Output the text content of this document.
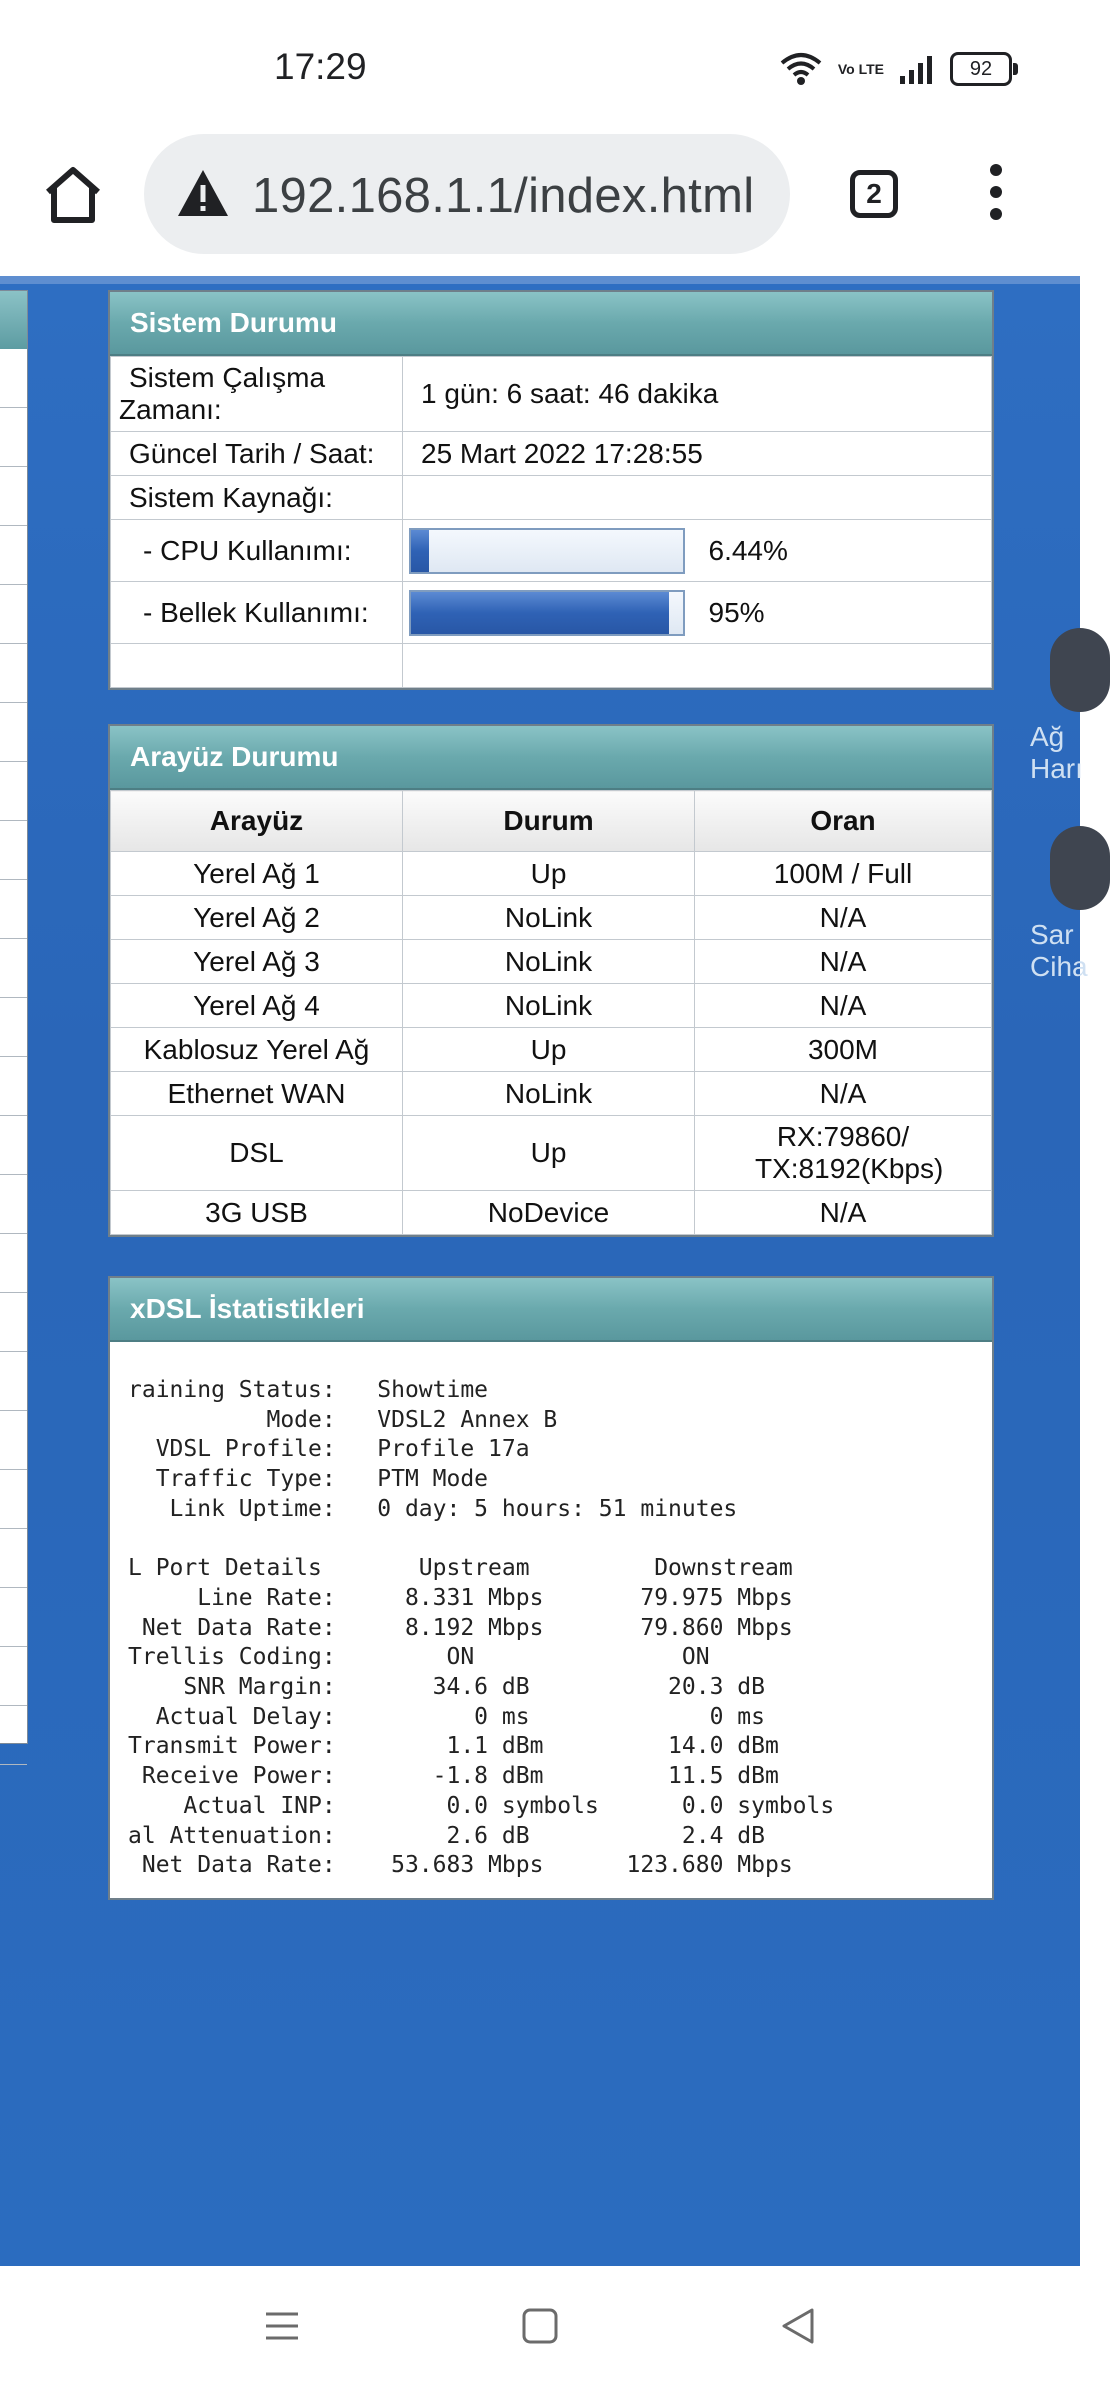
17:29	Vo LTE	92
192.168.1.1/index.html	2
Ağ
Harı
Sar
Ciha
Sistem Durumu
Sistem Çalışma
Zamanı:	1 gün: 6 saat: 46 dakika	
Güncel Tarih / Saat:	25 Mart 2022 17:28:55	
Sistem Kaynağı:		
- CPU Kullanımı:		6.44%
- Bellek Kullanımı:		95%

Arayüz Durumu
Arayüz	Durum	Oran
Yerel Ağ 1	Up	100M / Full
Yerel Ağ 2	NoLink	N/A
Yerel Ağ 3	NoLink	N/A
Yerel Ağ 4	NoLink	N/A
Kablosuz Yerel Ağ	Up	300M
Ethernet WAN	NoLink	N/A
DSL	Up	RX:79860/ TX:8192(Kbps)
3G USB	NoDevice	N/A
xDSL İstatistikleri
raining Status:   Showtime
Mode:   VDSL2 Annex B
VDSL Profile:   Profile 17a
Traffic Type:   PTM Mode
Link Uptime:   0 day: 5 hours: 51 minutes

L Port Details       Upstream         Downstream
Line Rate:     8.331 Mbps       79.975 Mbps
Net Data Rate:     8.192 Mbps       79.860 Mbps
Trellis Coding:        ON               ON
SNR Margin:       34.6 dB          20.3 dB
Actual Delay:          0 ms             0 ms
Transmit Power:        1.1 dBm         14.0 dBm
Receive Power:       -1.8 dBm         11.5 dBm
Actual INP:        0.0 symbols      0.0 symbols
al Attenuation:        2.6 dB           2.4 dB
Net Data Rate:    53.683 Mbps      123.680 Mbps
